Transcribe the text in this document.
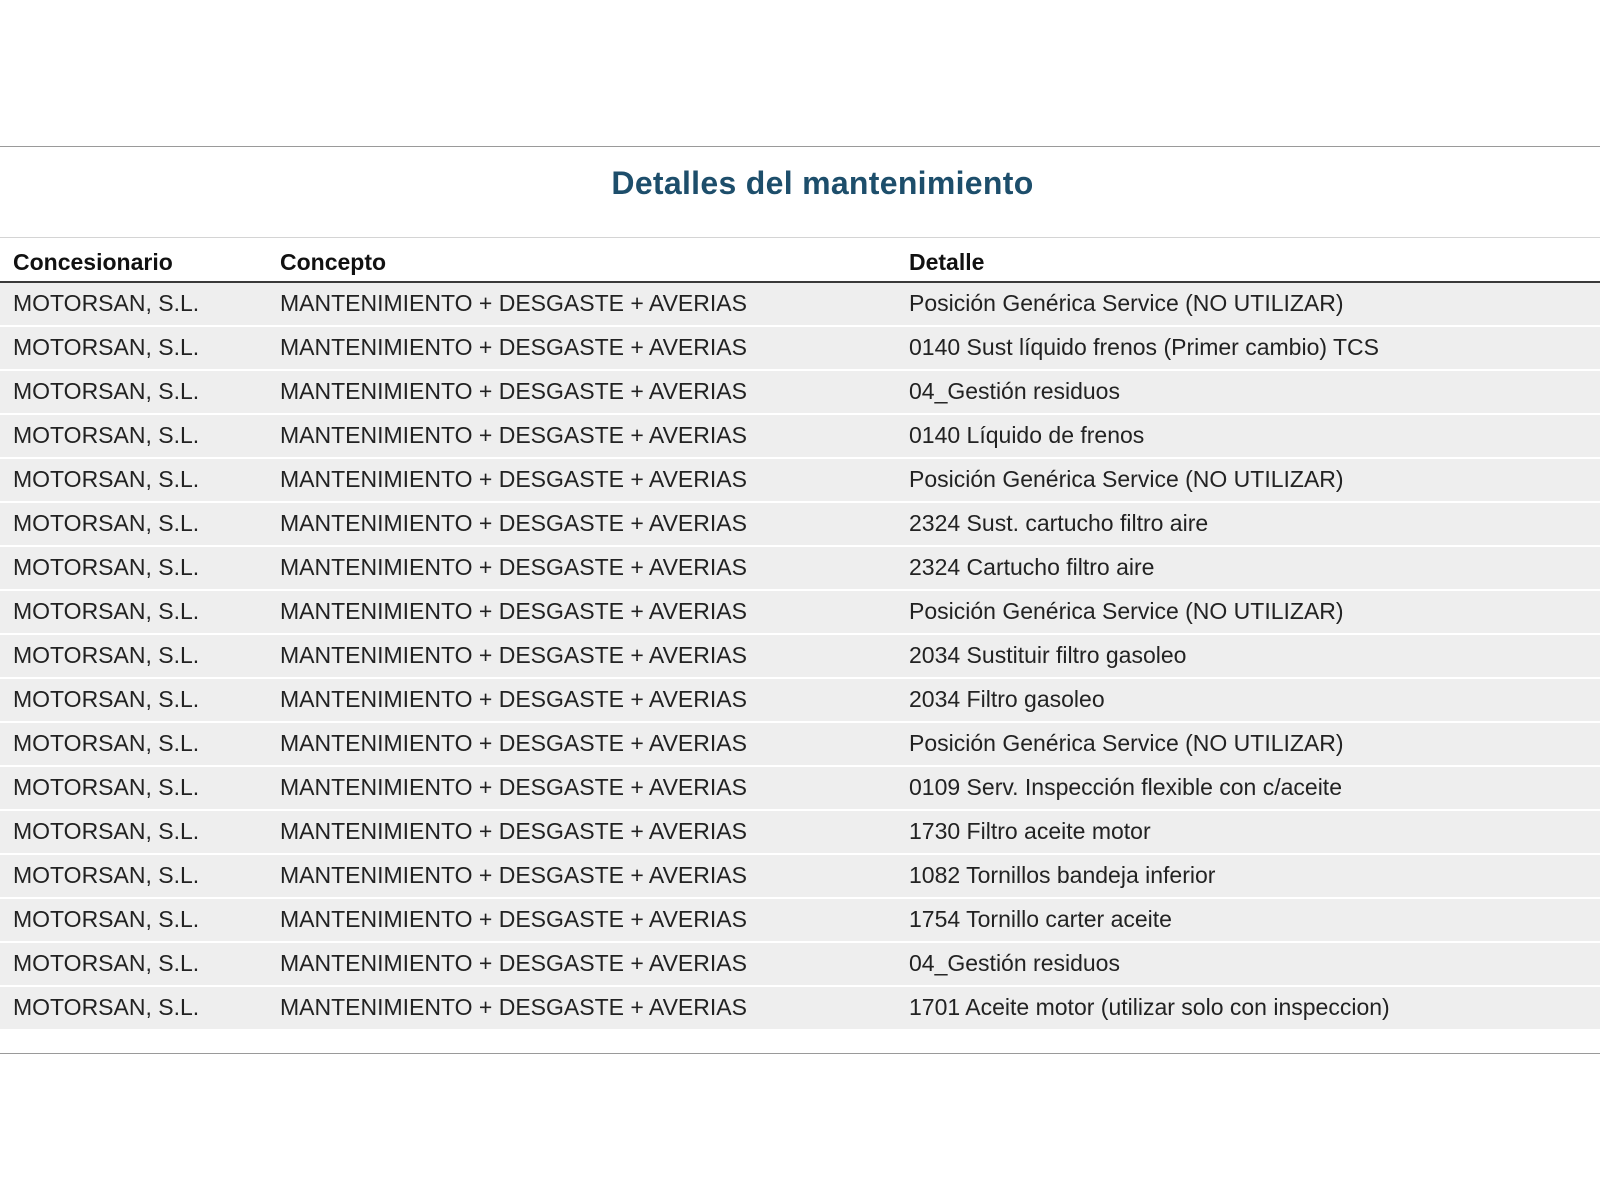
Detalles del mantenimiento
Concesionario	Concepto	Detalle
MOTORSAN, S.L.	MANTENIMIENTO + DESGASTE + AVERIAS	Posición Genérica Service (NO UTILIZAR)
MOTORSAN, S.L.	MANTENIMIENTO + DESGASTE + AVERIAS	0140 Sust líquido frenos (Primer cambio) TCS
MOTORSAN, S.L.	MANTENIMIENTO + DESGASTE + AVERIAS	04_Gestión residuos
MOTORSAN, S.L.	MANTENIMIENTO + DESGASTE + AVERIAS	0140 Líquido de frenos
MOTORSAN, S.L.	MANTENIMIENTO + DESGASTE + AVERIAS	Posición Genérica Service (NO UTILIZAR)
MOTORSAN, S.L.	MANTENIMIENTO + DESGASTE + AVERIAS	2324 Sust. cartucho filtro aire
MOTORSAN, S.L.	MANTENIMIENTO + DESGASTE + AVERIAS	2324 Cartucho filtro aire
MOTORSAN, S.L.	MANTENIMIENTO + DESGASTE + AVERIAS	Posición Genérica Service (NO UTILIZAR)
MOTORSAN, S.L.	MANTENIMIENTO + DESGASTE + AVERIAS	2034 Sustituir filtro gasoleo
MOTORSAN, S.L.	MANTENIMIENTO + DESGASTE + AVERIAS	2034 Filtro gasoleo
MOTORSAN, S.L.	MANTENIMIENTO + DESGASTE + AVERIAS	Posición Genérica Service (NO UTILIZAR)
MOTORSAN, S.L.	MANTENIMIENTO + DESGASTE + AVERIAS	0109 Serv. Inspección flexible con c/aceite
MOTORSAN, S.L.	MANTENIMIENTO + DESGASTE + AVERIAS	1730 Filtro aceite motor
MOTORSAN, S.L.	MANTENIMIENTO + DESGASTE + AVERIAS	1082 Tornillos bandeja inferior
MOTORSAN, S.L.	MANTENIMIENTO + DESGASTE + AVERIAS	1754 Tornillo carter aceite
MOTORSAN, S.L.	MANTENIMIENTO + DESGASTE + AVERIAS	04_Gestión residuos
MOTORSAN, S.L.	MANTENIMIENTO + DESGASTE + AVERIAS	1701 Aceite motor (utilizar solo con inspeccion)
